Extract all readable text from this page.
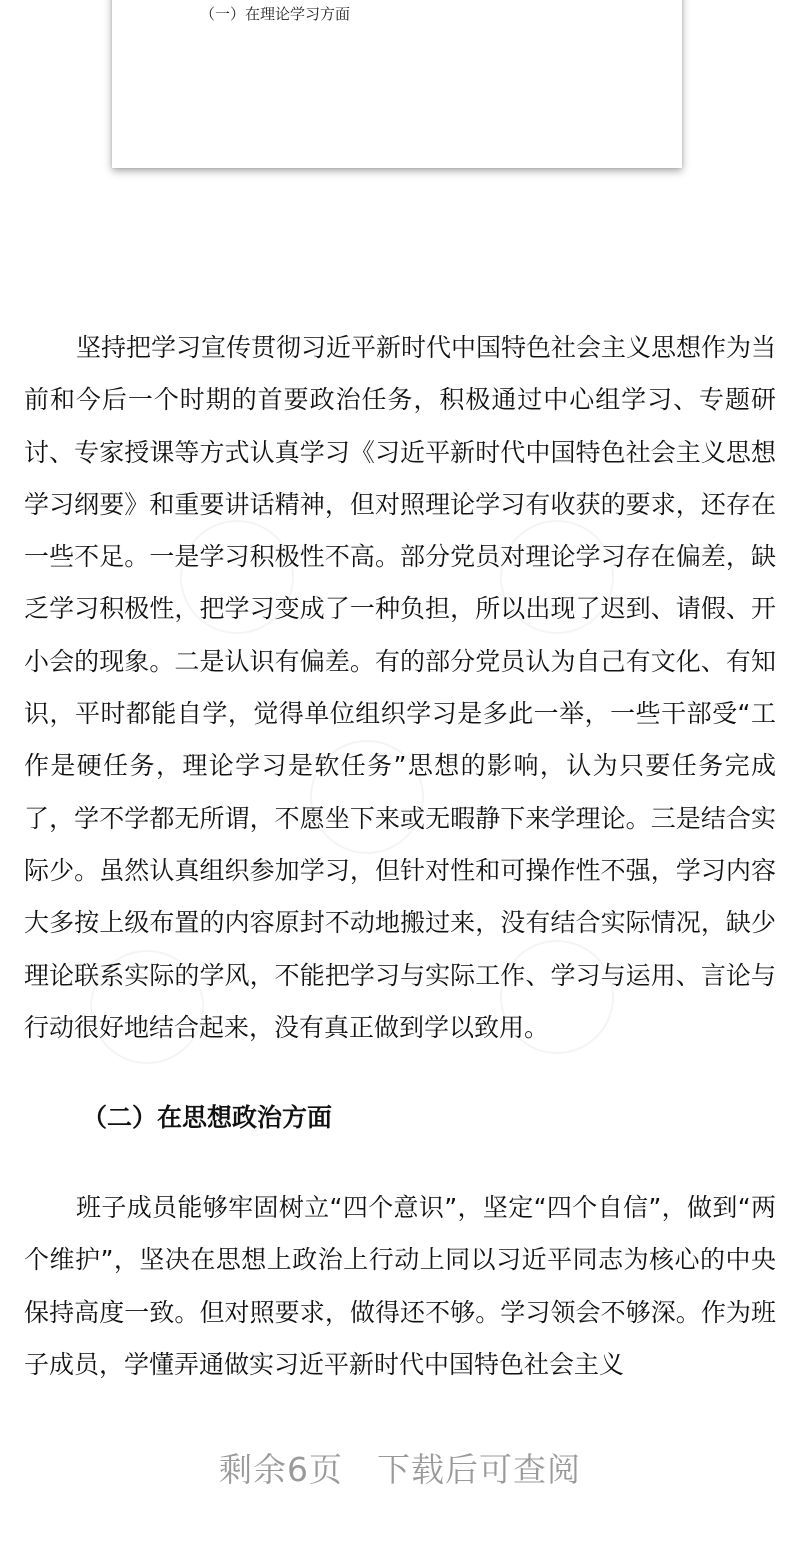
（一）在理论学习方面

坚持把学习宣传贯彻习近平新时代中国特色社会主义思想作为当前和今后一个时期的首要政治任务，积极通过中心组学习、专题研讨、专家授课等方式认真学习《习近平新时代中国特色社会主义思想学习纲要》和重要讲话精神，但对照理论学习有收获的要求，还存在一些不足。一是学习积极性不高。部分党员对理论学习存在偏差，缺乏学习积极性，把学习变成了一种负担，所以出现了迟到、请假、开小会的现象。二是认识有偏差。有的部分党员认为自己有文化、有知识，平时都能自学，觉得单位组织学习是多此一举，一些干部受“工作是硬任务，理论学习是软任务”思想的影响，认为只要任务完成了，学不学都无所谓，不愿坐下来或无暇静下来学理论。三是结合实际少。虽然认真组织参加学习，但针对性和可操作性不强，学习内容大多按上级布置的内容原封不动地搬过来，没有结合实际情况，缺少理论联系实际的学风，不能把学习与实际工作、学习与运用、言论与行动很好地结合起来，没有真正做到学以致用。

（二）在思想政治方面

班子成员能够牢固树立“四个意识”，坚定“四个自信”，做到“两个维护”，坚决在思想上政治上行动上同以习近平同志为核心的中央保持高度一致。但对照要求，做得还不够。学习领会不够深。作为班子成员，学懂弄通做实习近平新时代中国特色社会主义

剩余6页 下载后可查阅
